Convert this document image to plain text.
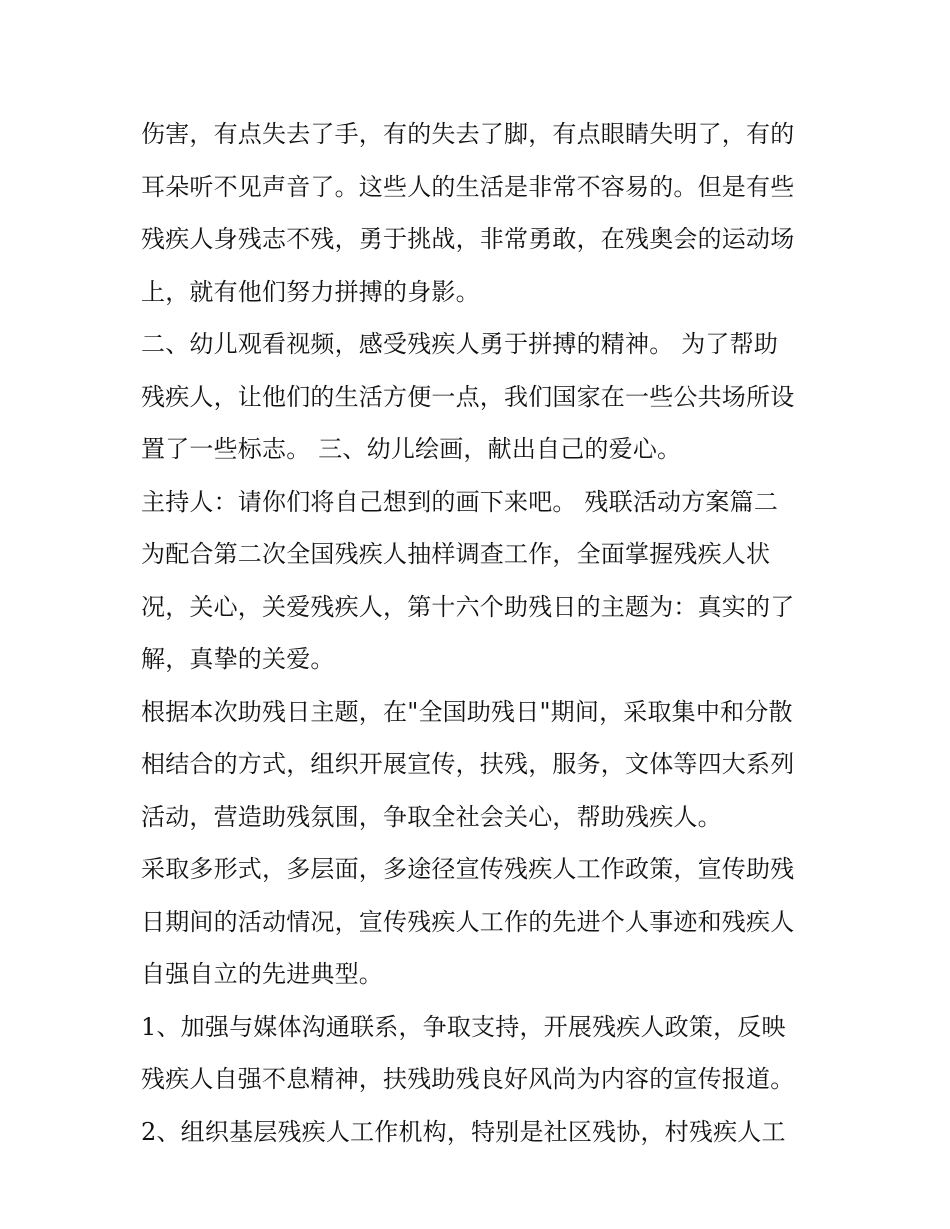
伤害，有点失去了手，有的失去了脚，有点眼睛失明了，有的
耳朵听不见声音了。这些人的生活是非常不容易的。但是有些
残疾人身残志不残，勇于挑战，非常勇敢，在残奥会的运动场
上，就有他们努力拼搏的身影。
二、幼儿观看视频，感受残疾人勇于拼搏的精神。 为了帮助
残疾人，让他们的生活方便一点，我们国家在一些公共场所设
置了一些标志。 三、幼儿绘画，献出自己的爱心。
主持人：请你们将自己想到的画下来吧。 残联活动方案篇二
为配合第二次全国残疾人抽样调查工作，全面掌握残疾人状
况，关心，关爱残疾人，第十六个助残日的主题为：真实的了
解，真挚的关爱。
根据本次助残日主题，在"全国助残日"期间，采取集中和分散
相结合的方式，组织开展宣传，扶残，服务，文体等四大系列
活动，营造助残氛围，争取全社会关心，帮助残疾人。
采取多形式，多层面，多途径宣传残疾人工作政策，宣传助残
日期间的活动情况，宣传残疾人工作的先进个人事迹和残疾人
自强自立的先进典型。
1、加强与媒体沟通联系，争取支持，开展残疾人政策，反映
残疾人自强不息精神，扶残助残良好风尚为内容的宣传报道。
2、组织基层残疾人工作机构，特别是社区残协，村残疾人工
